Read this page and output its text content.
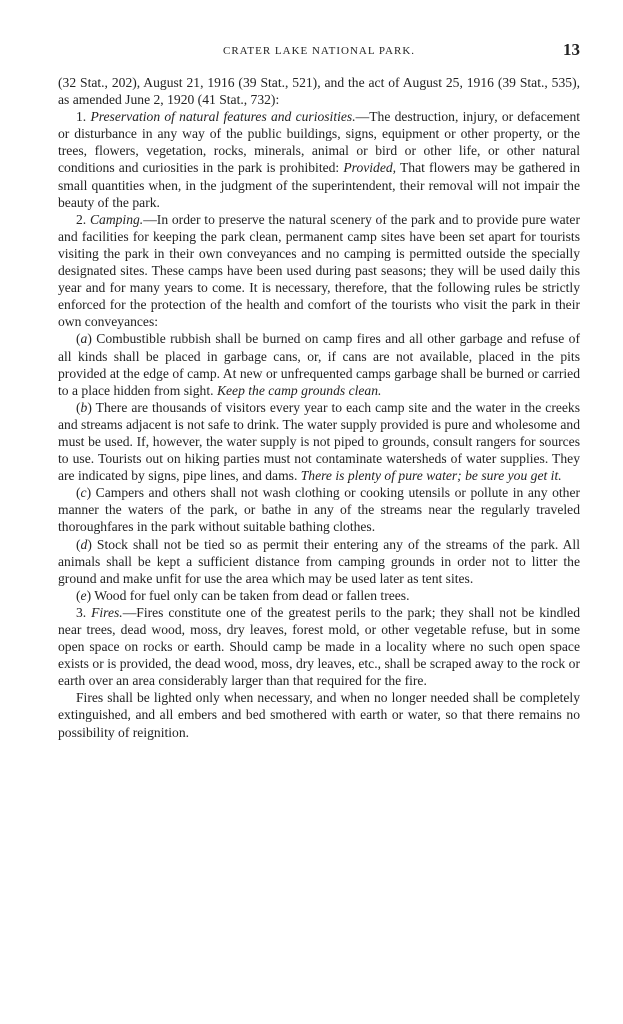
CRATER LAKE NATIONAL PARK.	13

(32 Stat., 202), August 21, 1916 (39 Stat., 521), and the act of August 25, 1916 (39 Stat., 535), as amended June 2, 1920 (41 Stat., 732):

1. Preservation of natural features and curiosities.—The destruction, injury, or defacement or disturbance in any way of the public buildings, signs, equipment or other property, or the trees, flowers, vegetation, rocks, minerals, animal or bird or other life, or other natural conditions and curiosities in the park is prohibited: Provided, That flowers may be gathered in small quantities when, in the judgment of the superintendent, their removal will not impair the beauty of the park.

2. Camping.—In order to preserve the natural scenery of the park and to provide pure water and facilities for keeping the park clean, permanent camp sites have been set apart for tourists visiting the park in their own conveyances and no camping is permitted outside the specially designated sites. These camps have been used during past seasons; they will be used daily this year and for many years to come. It is necessary, therefore, that the following rules be strictly enforced for the protection of the health and comfort of the tourists who visit the park in their own conveyances:

(a) Combustible rubbish shall be burned on camp fires and all other garbage and refuse of all kinds shall be placed in garbage cans, or, if cans are not available, placed in the pits provided at the edge of camp. At new or unfrequented camps garbage shall be burned or carried to a place hidden from sight. Keep the camp grounds clean.

(b) There are thousands of visitors every year to each camp site and the water in the creeks and streams adjacent is not safe to drink. The water supply provided is pure and wholesome and must be used. If, however, the water supply is not piped to grounds, consult rangers for sources to use. Tourists out on hiking parties must not contaminate watersheds of water supplies. They are indicated by signs, pipe lines, and dams. There is plenty of pure water; be sure you get it.

(c) Campers and others shall not wash clothing or cooking utensils or pollute in any other manner the waters of the park, or bathe in any of the streams near the regularly traveled thoroughfares in the park without suitable bathing clothes.

(d) Stock shall not be tied so as permit their entering any of the streams of the park. All animals shall be kept a sufficient distance from camping grounds in order not to litter the ground and make unfit for use the area which may be used later as tent sites.

(e) Wood for fuel only can be taken from dead or fallen trees.

3. Fires.—Fires constitute one of the greatest perils to the park; they shall not be kindled near trees, dead wood, moss, dry leaves, forest mold, or other vegetable refuse, but in some open space on rocks or earth. Should camp be made in a locality where no such open space exists or is provided, the dead wood, moss, dry leaves, etc., shall be scraped away to the rock or earth over an area considerably larger than that required for the fire.

Fires shall be lighted only when necessary, and when no longer needed shall be completely extinguished, and all embers and bed smothered with earth or water, so that there remains no possibility of reignition.
